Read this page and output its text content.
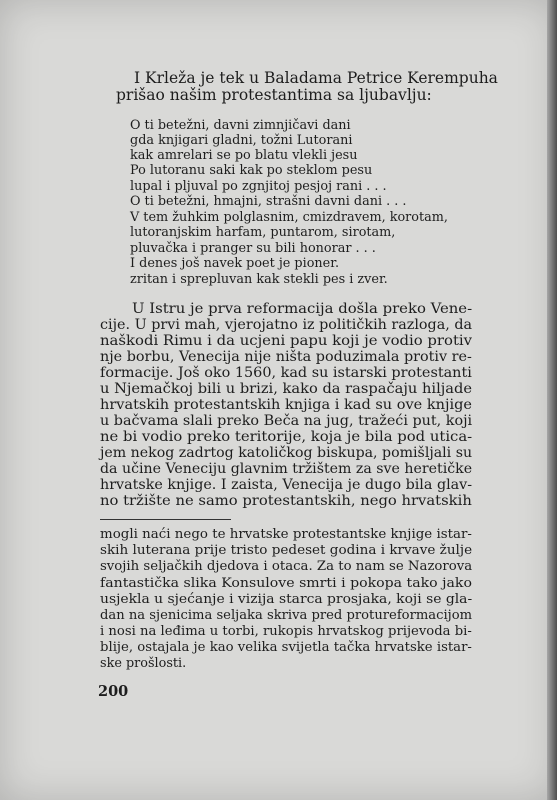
I Krleža je tek u Baladama Petrice Kerempuha
prišao našim protestantima sa ljubavlju:
O ti betežni, davni zimnjičavi dani
gda knjigari gladni, tožni Lutorani
kak amrelari se po blatu vlekli jesu
Po lutoranu saki kak po steklom pesu
lupal i pljuval po zgnjitoj pesjoj rani . . .
O ti betežni, hmajni, strašni davni dani . . .
V tem žuhkim polglasnim, cmizdravem, korotam,
lutoranjskim harfam, puntarom, sirotam,
pluvačka i pranger su bili honorar . . .
I denes još navek poet je pioner.
zritan i sprepluvan kak stekli pes i zver.
U Istru je prva reformacija došla preko Vene-
cije. U prvi mah, vjerojatno iz političkih razloga, da
naškodi Rimu i da ucjeni papu koji je vodio protiv
nje borbu, Venecija nije ništa poduzimala protiv re-
formacije. Još oko 1560, kad su istarski protestanti
u Njemačkoj bili u brizi, kako da raspačaju hiljade
hrvatskih protestantskih knjiga i kad su ove knjige
u bačvama slali preko Beča na jug, tražeći put, koji
ne bi vodio preko teritorije, koja je bila pod utica-
jem nekog zadrtog katoličkog biskupa, pomišljali su
da učine Veneciju glavnim tržištem za sve heretičke
hrvatske knjige. I zaista, Venecija je dugo bila glav-
no tržište ne samo protestantskih, nego hrvatskih
mogli naći nego te hrvatske protestantske knjige istar-
skih luterana prije tristo pedeset godina i krvave žulje
svojih seljačkih djedova i otaca. Za to nam se Nazorova
fantastička slika Konsulove smrti i pokopa tako jako
usjekla u sjećanje i vizija starca prosjaka, koji se gla-
dan na sjenicima seljaka skriva pred protureformacijom
i nosi na leđima u torbi, rukopis hrvatskog prijevoda bi-
blije, ostajala je kao velika svijetla tačka hrvatske istar-
ske prošlosti.
200
